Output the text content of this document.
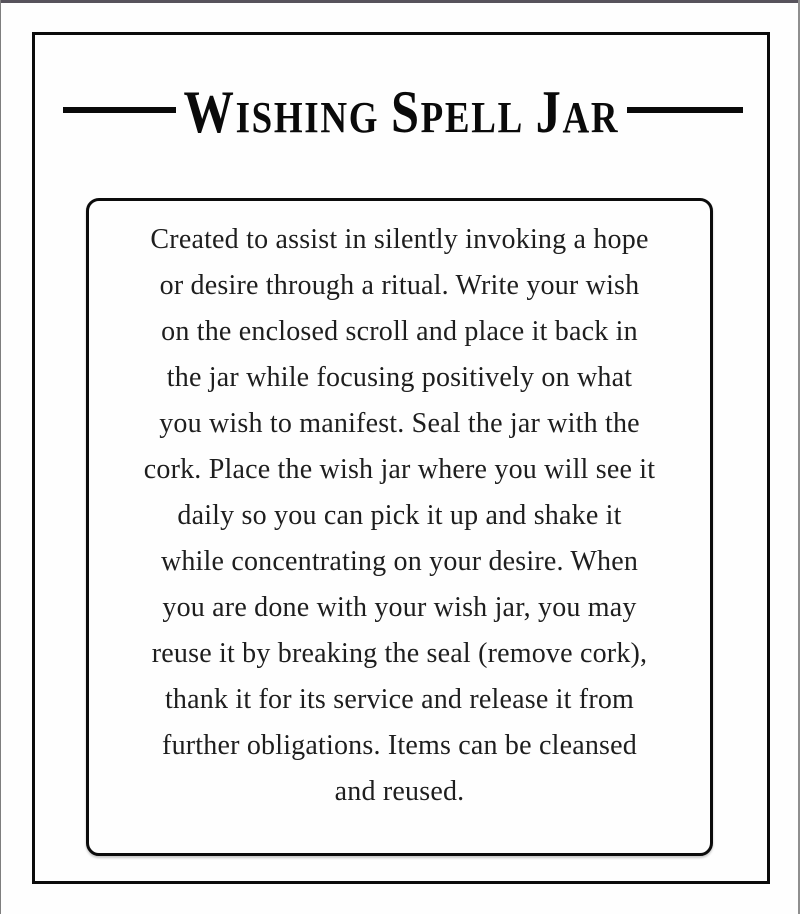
WISHING SPELL JAR
Created to assist in silently invoking a hope
or desire through a ritual. Write your wish
on the enclosed scroll and place it back in
the jar while focusing positively on what
you wish to manifest. Seal the jar with the
cork. Place the wish jar where you will see it
daily so you can pick it up and shake it
while concentrating on your desire. When
you are done with your wish jar, you may
reuse it by breaking the seal (remove cork),
thank it for its service and release it from
further obligations. Items can be cleansed
and reused.
